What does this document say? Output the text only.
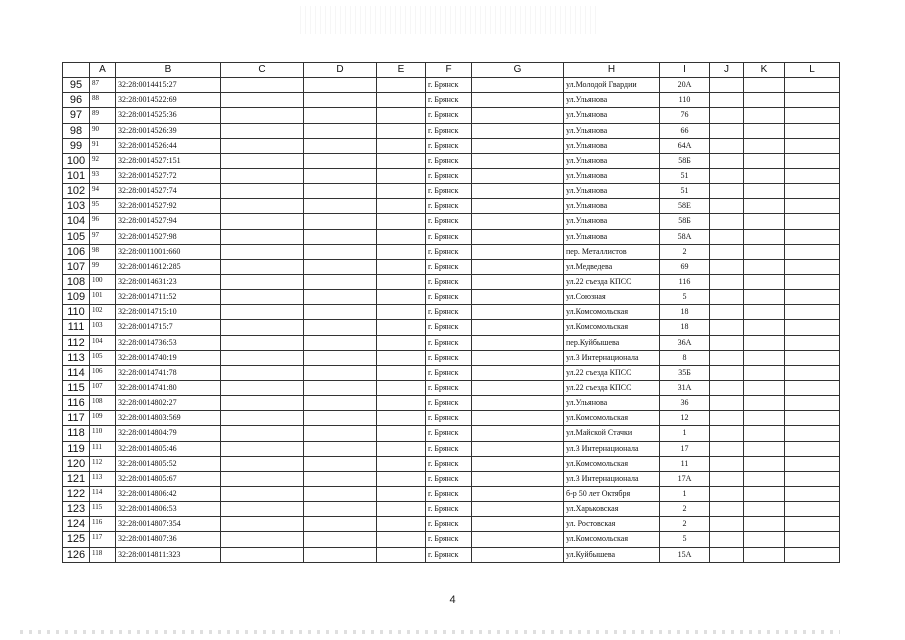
	A	B	C	D	E	F	G	H	I	J	K	L
95	87	32:28:0014415:27				г. Брянск		ул.Молодой Гвардии	20А			
96	88	32:28:0014522:69				г. Брянск		ул.Ульянова	110			
97	89	32:28:0014525:36				г. Брянск		ул.Ульянова	76			
98	90	32:28:0014526:39				г. Брянск		ул.Ульянова	66			
99	91	32:28:0014526:44				г. Брянск		ул.Ульянова	64А			
100	92	32:28:0014527:151				г. Брянск		ул.Ульянова	58Б			
101	93	32:28:0014527:72				г. Брянск		ул.Ульянова	51			
102	94	32:28:0014527:74				г. Брянск		ул.Ульянова	51			
103	95	32:28:0014527:92				г. Брянск		ул.Ульянова	58Е			
104	96	32:28:0014527:94				г. Брянск		ул.Ульянова	58Б			
105	97	32:28:0014527:98				г. Брянск		ул.Ульянова	58А			
106	98	32:28:0011001:660				г. Брянск		пер. Металлистов	2			
107	99	32:28:0014612:285				г. Брянск		ул.Медведева	69			
108	100	32:28:0014631:23				г. Брянск		ул.22 съезда КПСС	116			
109	101	32:28:0014711:52				г. Брянск		ул.Союзная	5			
110	102	32:28:0014715:10				г. Брянск		ул.Комсомольская	18			
111	103	32:28:0014715:7				г. Брянск		ул.Комсомольская	18			
112	104	32:28:0014736:53				г. Брянск		пер.Куйбышева	36А			
113	105	32:28:0014740:19				г. Брянск		ул.3 Интернационала	8			
114	106	32:28:0014741:78				г. Брянск		ул.22 съезда КПСС	35Б			
115	107	32:28:0014741:80				г. Брянск		ул.22 съезда КПСС	31А			
116	108	32:28:0014802:27				г. Брянск		ул.Ульянова	36			
117	109	32:28:0014803:569				г. Брянск		ул.Комсомольская	12			
118	110	32:28:0014804:79				г. Брянск		ул.Майской Стачки	1			
119	111	32:28:0014805:46				г. Брянск		ул.3 Интернационала	17			
120	112	32:28:0014805:52				г. Брянск		ул.Комсомольская	11			
121	113	32:28:0014805:67				г. Брянск		ул.3 Интернационала	17А			
122	114	32:28:0014806:42				г. Брянск		б-р 50 лет Октября	1			
123	115	32:28:0014806:53				г. Брянск		ул.Харьковская	2			
124	116	32:28:0014807:354				г. Брянск		ул. Ростовская	2			
125	117	32:28:0014807:36				г. Брянск		ул.Комсомольская	5			
126	118	32:28:0014811:323				г. Брянск		ул.Куйбышева	15А			
4
